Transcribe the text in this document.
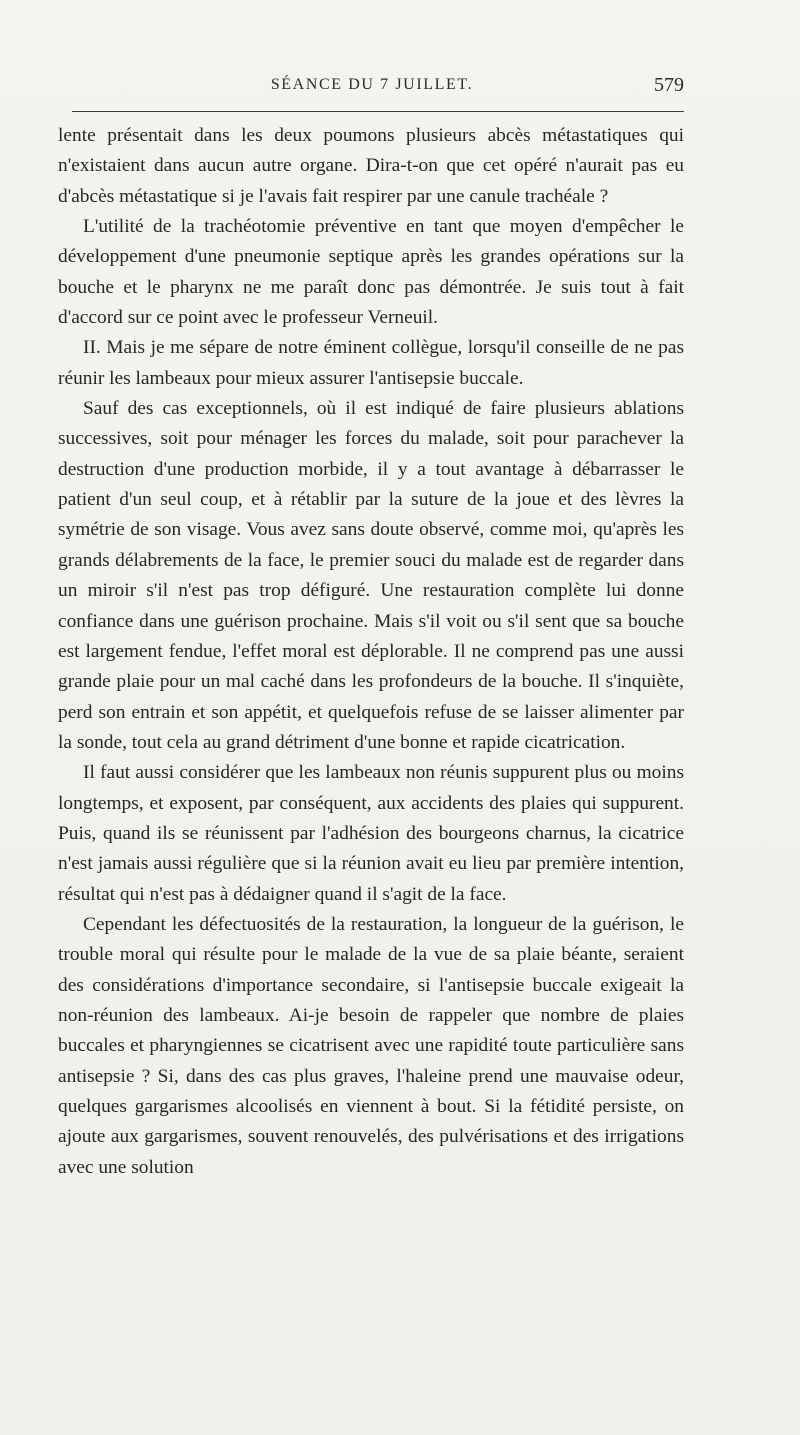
SÉANCE DU 7 JUILLET.	579

lente présentait dans les deux poumons plusieurs abcès métastatiques qui n'existaient dans aucun autre organe. Dira-t-on que cet opéré n'aurait pas eu d'abcès métastatique si je l'avais fait respirer par une canule trachéale ?

L'utilité de la trachéotomie préventive en tant que moyen d'empêcher le développement d'une pneumonie septique après les grandes opérations sur la bouche et le pharynx ne me paraît donc pas démontrée. Je suis tout à fait d'accord sur ce point avec le professeur Verneuil.

II. Mais je me sépare de notre éminent collègue, lorsqu'il conseille de ne pas réunir les lambeaux pour mieux assurer l'antisepsie buccale.

Sauf des cas exceptionnels, où il est indiqué de faire plusieurs ablations successives, soit pour ménager les forces du malade, soit pour parachever la destruction d'une production morbide, il y a tout avantage à débarrasser le patient d'un seul coup, et à rétablir par la suture de la joue et des lèvres la symétrie de son visage. Vous avez sans doute observé, comme moi, qu'après les grands délabrements de la face, le premier souci du malade est de regarder dans un miroir s'il n'est pas trop défiguré. Une restauration complète lui donne confiance dans une guérison prochaine. Mais s'il voit ou s'il sent que sa bouche est largement fendue, l'effet moral est déplorable. Il ne comprend pas une aussi grande plaie pour un mal caché dans les profondeurs de la bouche. Il s'inquiète, perd son entrain et son appétit, et quelquefois refuse de se laisser alimenter par la sonde, tout cela au grand détriment d'une bonne et rapide cicatrication.

Il faut aussi considérer que les lambeaux non réunis suppurent plus ou moins longtemps, et exposent, par conséquent, aux accidents des plaies qui suppurent. Puis, quand ils se réunissent par l'adhésion des bourgeons charnus, la cicatrice n'est jamais aussi régulière que si la réunion avait eu lieu par première intention, résultat qui n'est pas à dédaigner quand il s'agit de la face.

Cependant les défectuosités de la restauration, la longueur de la guérison, le trouble moral qui résulte pour le malade de la vue de sa plaie béante, seraient des considérations d'importance secondaire, si l'antisepsie buccale exigeait la non-réunion des lambeaux. Ai-je besoin de rappeler que nombre de plaies buccales et pharyngiennes se cicatrisent avec une rapidité toute particulière sans antisepsie ? Si, dans des cas plus graves, l'haleine prend une mauvaise odeur, quelques gargarismes alcoolisés en viennent à bout. Si la fétidité persiste, on ajoute aux gargarismes, souvent renouvelés, des pulvérisations et des irrigations avec une solution
